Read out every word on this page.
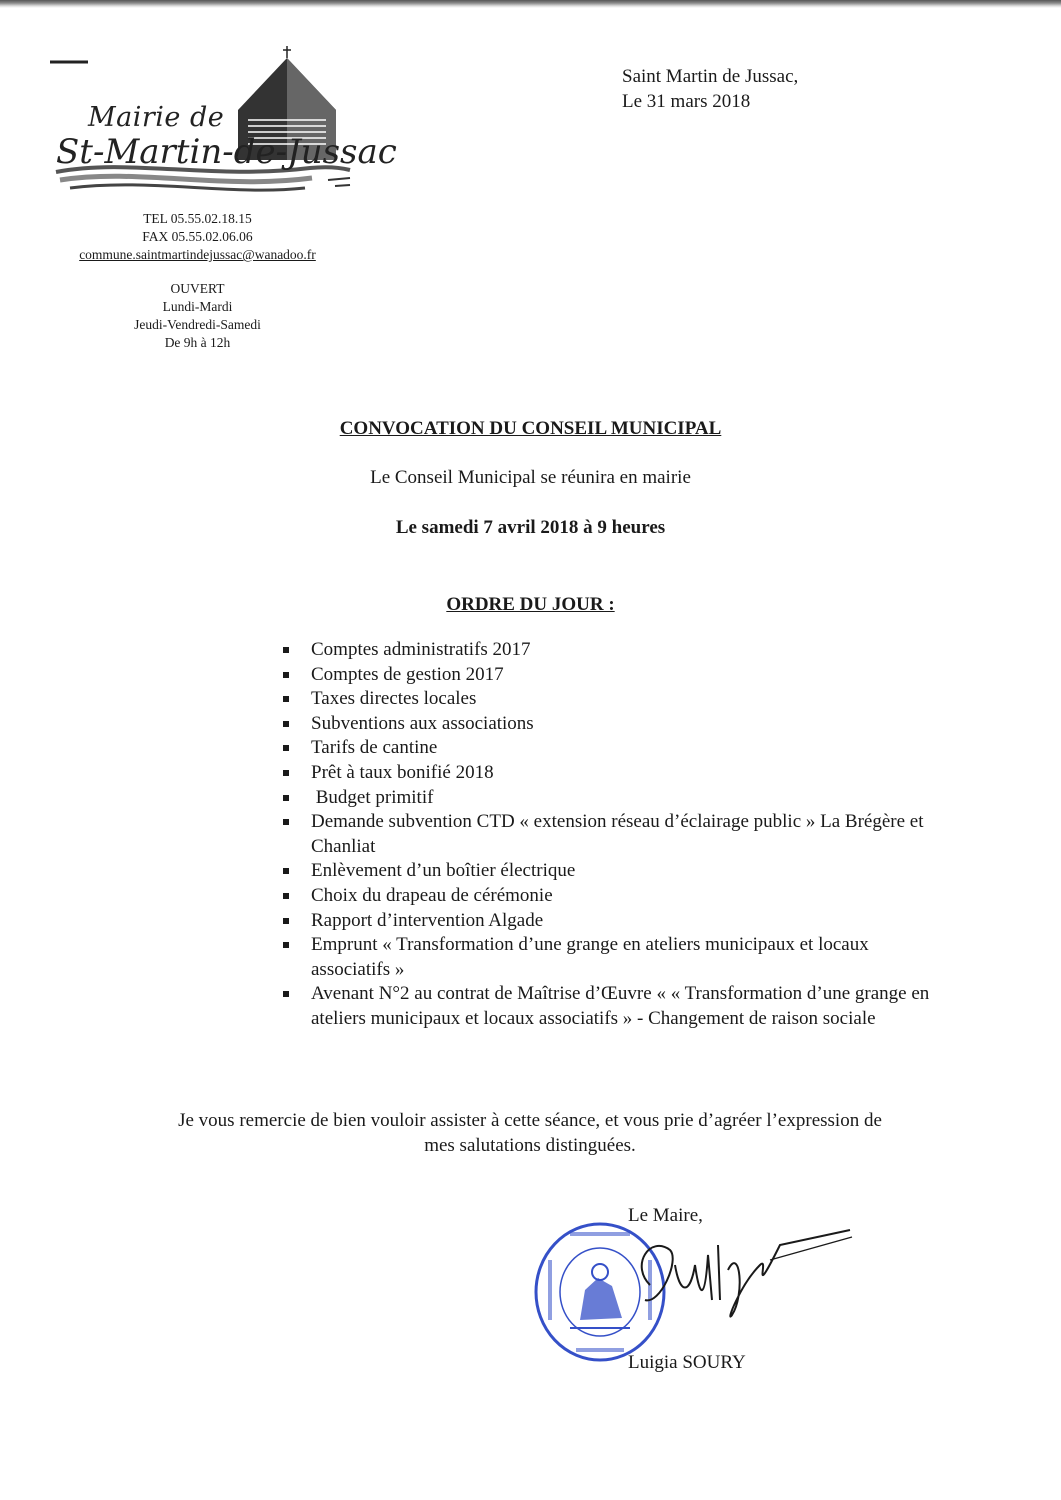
Mairie de
St-Martin-de-Jussac
TEL 05.55.02.18.15
FAX 05.55.02.06.06
commune.saintmartindejussac@wanadoo.fr
OUVERT
Lundi-Mardi
Jeudi-Vendredi-Samedi
De 9h à 12h
Saint Martin de Jussac,
Le 31 mars 2018
CONVOCATION DU CONSEIL MUNICIPAL
Le Conseil Municipal se réunira en mairie
Le samedi 7 avril 2018 à 9 heures
ORDRE DU JOUR :
Comptes administratifs 2017
Comptes de gestion 2017
Taxes directes locales
Subventions aux associations
Tarifs de cantine
Prêt à taux bonifié 2018
Budget primitif
Demande subvention CTD « extension réseau d’éclairage public » La Brégère et Chanliat
Enlèvement d’un boîtier électrique
Choix du drapeau de cérémonie
Rapport d’intervention Algade
Emprunt « Transformation d’une grange en ateliers municipaux et locaux associatifs »
Avenant N°2 au contrat de Maîtrise d’Œuvre « « Transformation d’une grange en ateliers municipaux et locaux associatifs » - Changement de raison sociale
Je vous remercie de bien vouloir assister à cette séance, et vous prie d’agréer l’expression de
mes salutations distinguées.
Le Maire,
Luigia SOURY
